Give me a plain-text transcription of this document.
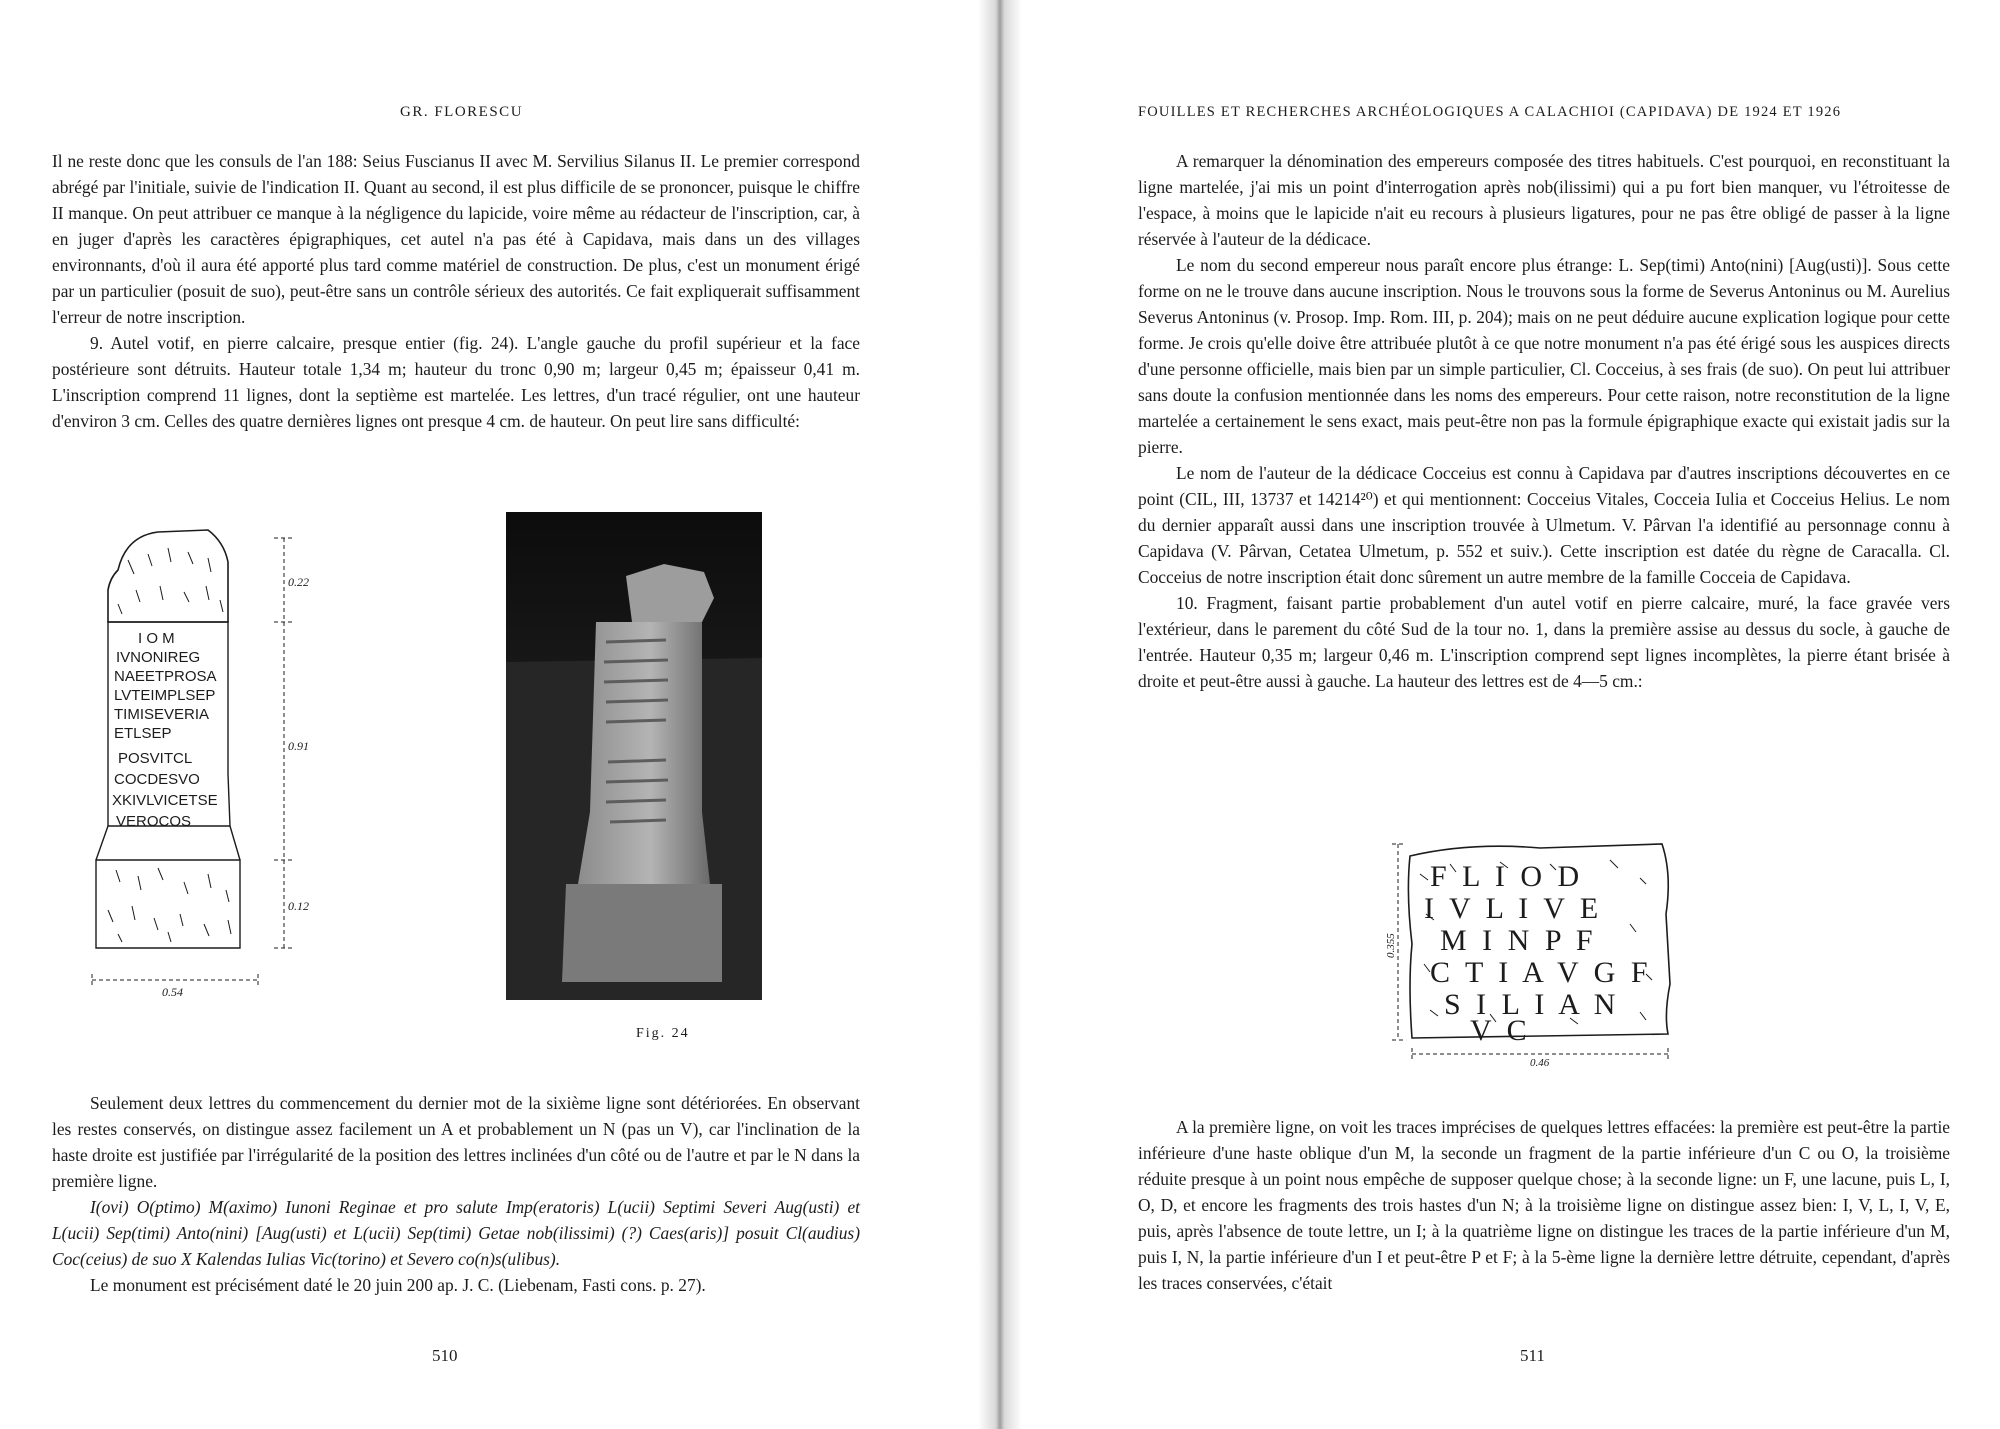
GR. FLORESCU

Il ne reste donc que les consuls de l'an 188: Seius Fuscianus II avec M. Servilius Silanus II. Le premier correspond abrégé par l'initiale, suivie de l'indication II. Quant au second, il est plus difficile de se prononcer, puisque le chiffre II manque. On peut attribuer ce manque à la négligence du lapicide, voire même au rédacteur de l'inscription, car, à en juger d'après les caractères épigraphiques, cet autel n'a pas été à Capidava, mais dans un des villages environnants, d'où il aura été apporté plus tard comme matériel de construction. De plus, c'est un monument érigé par un particulier (posuit de suo), peut-être sans un contrôle sérieux des autorités. Ce fait expliquerait suffisamment l'erreur de notre inscription.

9. Autel votif, en pierre calcaire, presque entier (fig. 24). L'angle gauche du profil supérieur et la face postérieure sont détruits. Hauteur totale 1,34 m; hauteur du tronc 0,90 m; largeur 0,45 m; épaisseur 0,41 m. L'inscription comprend 11 lignes, dont la septième est martelée. Les lettres, d'un tracé régulier, ont une hauteur d'environ 3 cm. Celles des quatre dernières lignes ont presque 4 cm. de hauteur. On peut lire sans difficulté:

I O M
IVNONIREG
NAEETPROSA
LVTEIMPLSEP
TIMISEVERIA
ETLSEP
POSVITCL
COCDESVO
XKIVLVICETSE
VEROCOS
0.22
0.91
0.12
0.54
Fig. 24

Seulement deux lettres du commencement du dernier mot de la sixième ligne sont détériorées. En observant les restes conservés, on distingue assez facilement un A et probablement un N (pas un V), car l'inclination de la haste droite est justifiée par l'irrégularité de la position des lettres inclinées d'un côté ou de l'autre et par le N dans la première ligne.

I(ovi) O(ptimo) M(aximo) Iunoni Reginae et pro salute Imp(eratoris) L(ucii) Septimi Severi Aug(usti) et L(ucii) Sep(timi) Anto(nini) [Aug(usti) et L(ucii) Sep(timi) Getae nob(ilissimi) (?) Caes(aris)] posuit Cl(audius) Coc(ceius) de suo X Kalendas Iulias Vic(torino) et Severo co(n)s(ulibus).

Le monument est précisément daté le 20 juin 200 ap. J. C. (Liebenam, Fasti cons. p. 27).

510
FOUILLES ET RECHERCHES ARCHÉOLOGIQUES A CALACHIOI (CAPIDAVA) DE 1924 ET 1926

A remarquer la dénomination des empereurs composée des titres habituels. C'est pourquoi, en reconstituant la ligne martelée, j'ai mis un point d'interrogation après nob(ilissimi) qui a pu fort bien manquer, vu l'étroitesse de l'espace, à moins que le lapicide n'ait eu recours à plusieurs ligatures, pour ne pas être obligé de passer à la ligne réservée à l'auteur de la dédicace.

Le nom du second empereur nous paraît encore plus étrange: L. Sep(timi) Anto(nini) [Aug(usti)]. Sous cette forme on ne le trouve dans aucune inscription. Nous le trouvons sous la forme de Severus Antoninus ou M. Aurelius Severus Antoninus (v. Prosop. Imp. Rom. III, p. 204); mais on ne peut déduire aucune explication logique pour cette forme. Je crois qu'elle doive être attribuée plutôt à ce que notre monument n'a pas été érigé sous les auspices directs d'une personne officielle, mais bien par un simple particulier, Cl. Cocceius, à ses frais (de suo). On peut lui attribuer sans doute la confusion mentionnée dans les noms des empereurs. Pour cette raison, notre reconstitution de la ligne martelée a certainement le sens exact, mais peut-être non pas la formule épigraphique exacte qui existait jadis sur la pierre.

Le nom de l'auteur de la dédicace Cocceius est connu à Capidava par d'autres inscriptions découvertes en ce point (CIL, III, 13737 et 14214²⁰) et qui mentionnent: Cocceius Vitales, Cocceia Iulia et Cocceius Helius. Le nom du dernier apparaît aussi dans une inscription trouvée à Ulmetum. V. Pârvan l'a identifié au personnage connu à Capidava (V. Pârvan, Cetatea Ulmetum, p. 552 et suiv.). Cette inscription est datée du règne de Caracalla. Cl. Cocceius de notre inscription était donc sûrement un autre membre de la famille Cocceia de Capidava.

10. Fragment, faisant partie probablement d'un autel votif en pierre calcaire, muré, la face gravée vers l'extérieur, dans le parement du côté Sud de la tour no. 1, dans la première assise au dessus du socle, à gauche de l'entrée. Hauteur 0,35 m; largeur 0,46 m. L'inscription comprend sept lignes incomplètes, la pierre étant brisée à droite et peut-être aussi à gauche. La hauteur des lettres est de 4—5 cm.:

F L I O D
I V L I V E
M I N P F
C T I A V G F
S I L I A N
V C
0.355
0.46

A la première ligne, on voit les traces imprécises de quelques lettres effacées: la première est peut-être la partie inférieure d'une haste oblique d'un M, la seconde un fragment de la partie inférieure d'un C ou O, la troisième réduite presque à un point nous empêche de supposer quelque chose; à la seconde ligne: un F, une lacune, puis L, I, O, D, et encore les fragments des trois hastes d'un N; à la troisième ligne on distingue assez bien: I, V, L, I, V, E, puis, après l'absence de toute lettre, un I; à la quatrième ligne on distingue les traces de la partie inférieure d'un M, puis I, N, la partie inférieure d'un I et peut-être P et F; à la 5-ème ligne la dernière lettre détruite, cependant, d'après les traces conservées, c'était

511
